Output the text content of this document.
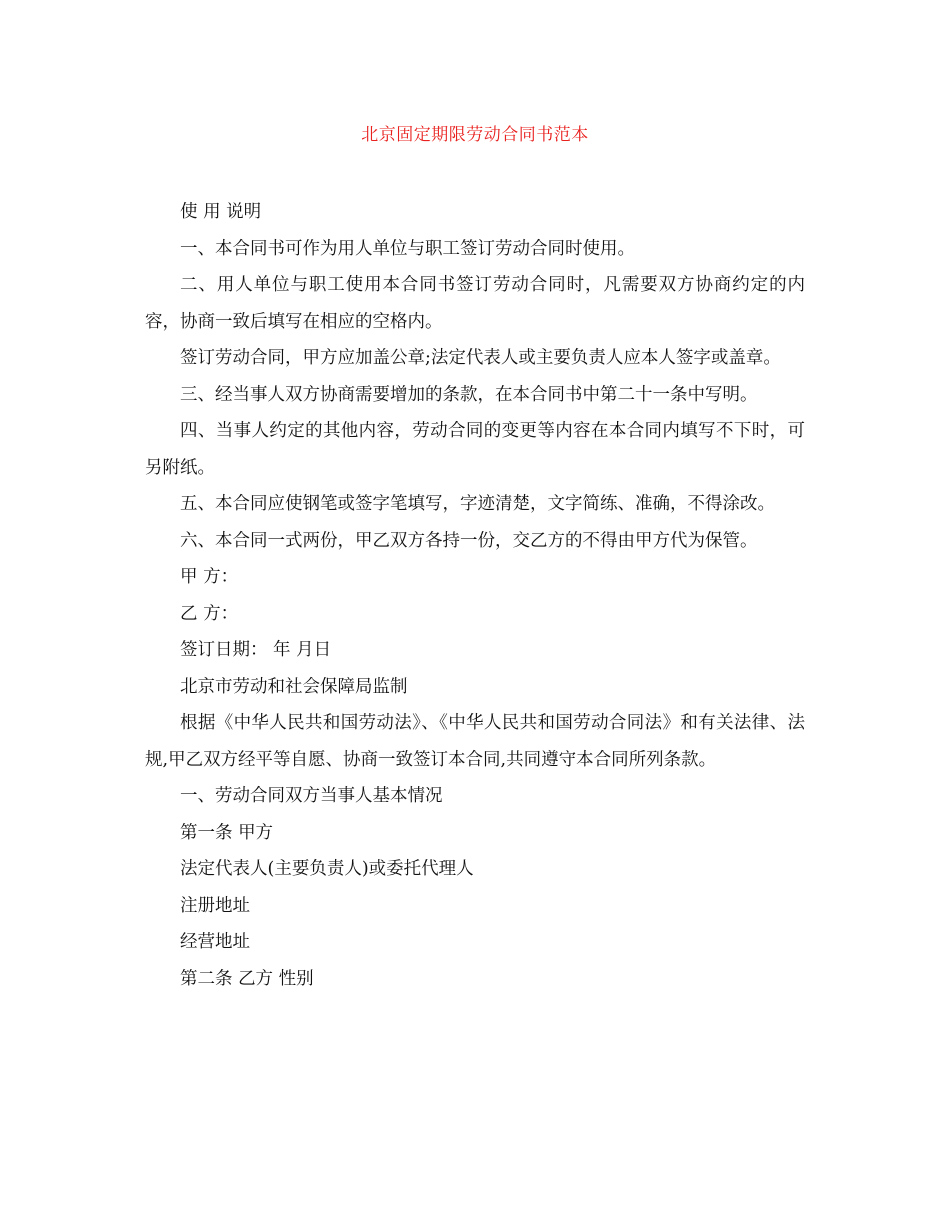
北京固定期限劳动合同书范本

使 用 说明

一、本合同书可作为用人单位与职工签订劳动合同时使用。

二、用人单位与职工使用本合同书签订劳动合同时，凡需要双方协商约定的内容，协商一致后填写在相应的空格内。

签订劳动合同，甲方应加盖公章;法定代表人或主要负责人应本人签字或盖章。

三、经当事人双方协商需要增加的条款，在本合同书中第二十一条中写明。

四、当事人约定的其他内容，劳动合同的变更等内容在本合同内填写不下时，可另附纸。

五、本合同应使钢笔或签字笔填写，字迹清楚，文字简练、准确，不得涂改。

六、本合同一式两份，甲乙双方各持一份，交乙方的不得由甲方代为保管。

甲 方：

乙 方：

签订日期： 年 月日

北京市劳动和社会保障局监制

根据《中华人民共和国劳动法》、《中华人民共和国劳动合同法》和有关法律、法规,甲乙双方经平等自愿、协商一致签订本合同,共同遵守本合同所列条款。

一、劳动合同双方当事人基本情况

第一条 甲方

法定代表人(主要负责人)或委托代理人

注册地址

经营地址

第二条 乙方 性别
